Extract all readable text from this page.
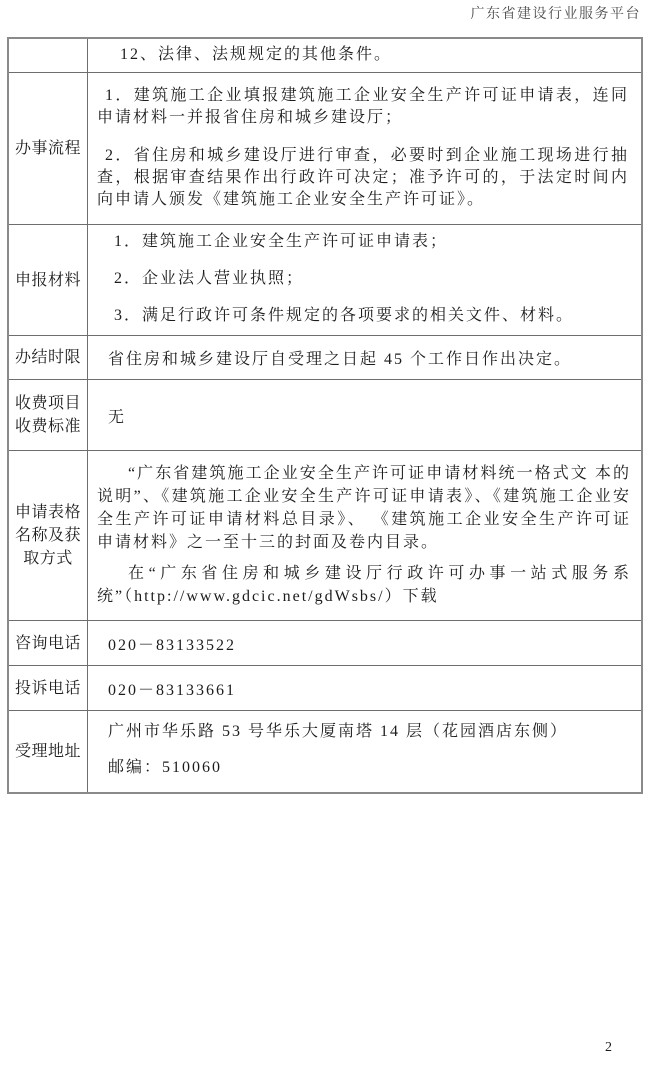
广东省建设行业服务平台

12、法律、法规规定的其他条件。

办事流程

1．建筑施工企业填报建筑施工企业安全生产许可证申请表，连同申请材料一并报省住房和城乡建设厅；

2．省住房和城乡建设厅进行审查，必要时到企业施工现场进行抽查，根据审查结果作出行政许可决定；准予许可的，于法定时间内向申请人颁发《建筑施工企业安全生产许可证》。

申报材料

1．建筑施工企业安全生产许可证申请表；

2．企业法人营业执照；

3．满足行政许可条件规定的各项要求的相关文件、材料。

办结时限 省住房和城乡建设厅自受理之日起 45 个工作日作出决定。

收费项目
收费标准

无

申请表格
名称及获
取方式

“广东省建筑施工企业安全生产许可证申请材料统一格式文 本的说明”、《建筑施工企业安全生产许可证申请表》、《建筑施工企业安全生产许可证申请材料总目录》、 《建筑施工企业安全生产许可证申请材料》之一至十三的封面及卷内目录。

在“广东省住房和城乡建设厅行政许可办事一站式服务系统”（http://www.gdcic.net/gdWsbs/）下载

咨询电话 020－83133522

投诉电话 020－83133661

受理地址

广州市华乐路 53 号华乐大厦南塔 14 层（花园酒店东侧）

邮编：510060

2
